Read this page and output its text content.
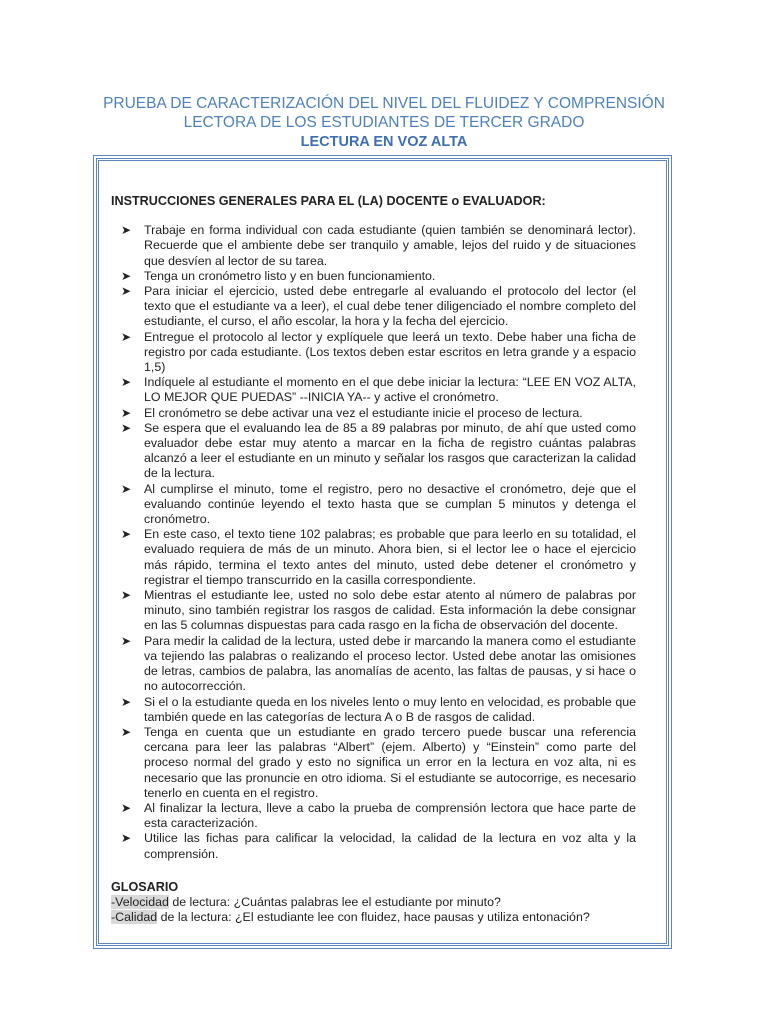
PRUEBA DE CARACTERIZACIÓN DEL NIVEL DEL FLUIDEZ Y COMPRENSIÓN
LECTORA DE LOS ESTUDIANTES DE TERCER GRADO
LECTURA EN VOZ ALTA
INSTRUCCIONES GENERALES PARA EL (LA) DOCENTE o EVALUADOR:
➤ Trabaje en forma individual con cada estudiante (quien también se denominará lector). Recuerde que el ambiente debe ser tranquilo y amable, lejos del ruido y de situaciones que desvíen al lector de su tarea.
➤ Tenga un cronómetro listo y en buen funcionamiento.
➤ Para iniciar el ejercicio, usted debe entregarle al evaluando el protocolo del lector (el texto que el estudiante va a leer), el cual debe tener diligenciado el nombre completo del estudiante, el curso, el año escolar, la hora y la fecha del ejercicio.
➤ Entregue el protocolo al lector y explíquele que leerá un texto. Debe haber una ficha de registro por cada estudiante. (Los textos deben estar escritos en letra grande y a espacio 1,5)
➤ Indíquele al estudiante el momento en el que debe iniciar la lectura: “LEE EN VOZ ALTA, LO MEJOR QUE PUEDAS” --INICIA YA-- y active el cronómetro.
➤ El cronómetro se debe activar una vez el estudiante inicie el proceso de lectura.
➤ Se espera que el evaluando lea de 85 a 89 palabras por minuto, de ahí que usted como evaluador debe estar muy atento a marcar en la ficha de registro cuántas palabras alcanzó a leer el estudiante en un minuto y señalar los rasgos que caracterizan la calidad de la lectura.
➤ Al cumplirse el minuto, tome el registro, pero no desactive el cronómetro, deje que el evaluando continúe leyendo el texto hasta que se cumplan 5 minutos y detenga el cronómetro.
➤ En este caso, el texto tiene 102 palabras; es probable que para leerlo en su totalidad, el evaluado requiera de más de un minuto. Ahora bien, si el lector lee o hace el ejercicio más rápido, termina el texto antes del minuto, usted debe detener el cronómetro y registrar el tiempo transcurrido en la casilla correspondiente.
➤ Mientras el estudiante lee, usted no solo debe estar atento al número de palabras por minuto, sino también registrar los rasgos de calidad. Esta información la debe consignar en las 5 columnas dispuestas para cada rasgo en la ficha de observación del docente.
➤ Para medir la calidad de la lectura, usted debe ir marcando la manera como el estudiante va tejiendo las palabras o realizando el proceso lector. Usted debe anotar las omisiones de letras, cambios de palabra, las anomalías de acento, las faltas de pausas, y si hace o no autocorrección.
➤ Si el o la estudiante queda en los niveles lento o muy lento en velocidad, es probable que también quede en las categorías de lectura A o B de rasgos de calidad.
➤ Tenga en cuenta que un estudiante en grado tercero puede buscar una referencia cercana para leer las palabras “Albert” (ejem. Alberto) y “Einstein” como parte del proceso normal del grado y esto no significa un error en la lectura en voz alta, ni es necesario que las pronuncie en otro idioma. Si el estudiante se autocorrige, es necesario tenerlo en cuenta en el registro.
➤ Al finalizar la lectura, lleve a cabo la prueba de comprensión lectora que hace parte de esta caracterización.
➤ Utilice las fichas para calificar la velocidad, la calidad de la lectura en voz alta y la comprensión.
GLOSARIO
-Velocidad de lectura: ¿Cuántas palabras lee el estudiante por minuto?
-Calidad de la lectura: ¿El estudiante lee con fluidez, hace pausas y utiliza entonación?
